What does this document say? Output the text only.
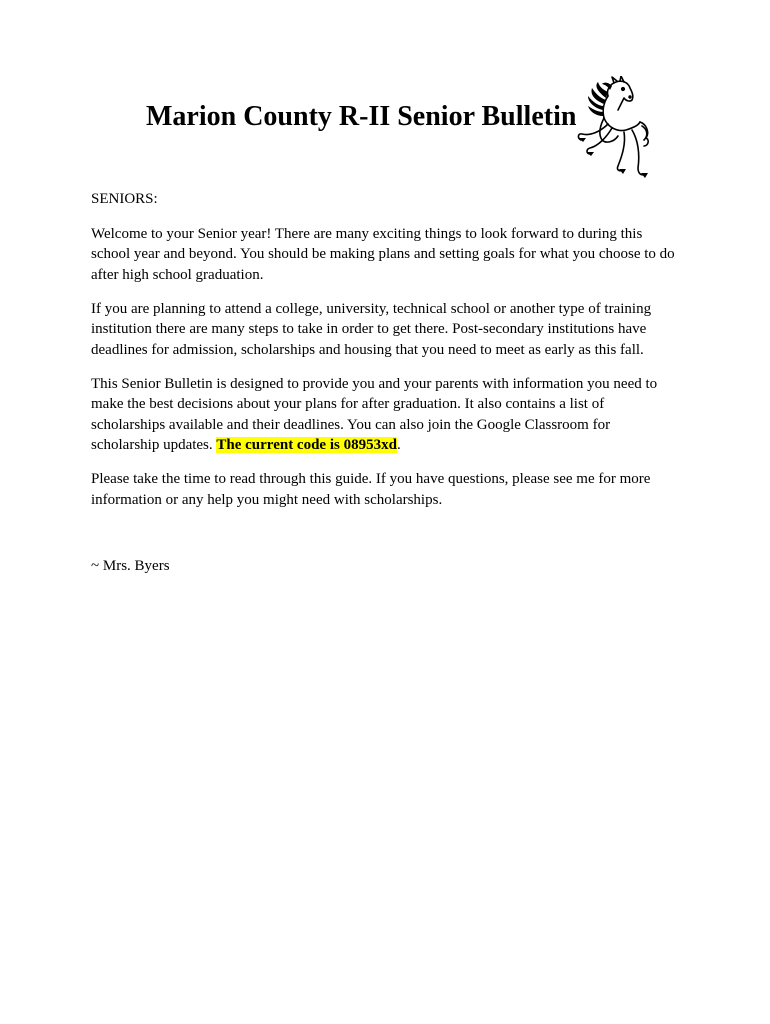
Marion County R-II Senior Bulletin

SENIORS:

Welcome to your Senior year! There are many exciting things to look forward to during this school year and beyond. You should be making plans and setting goals for what you choose to do after high school graduation.

If you are planning to attend a college, university, technical school or another type of training institution there are many steps to take in order to get there. Post-secondary institutions have deadlines for admission, scholarships and housing that you need to meet as early as this fall.

This Senior Bulletin is designed to provide you and your parents with information you need to make the best decisions about your plans for after graduation. It also contains a list of scholarships available and their deadlines. You can also join the Google Classroom for scholarship updates. The current code is 08953xd.

Please take the time to read through this guide. If you have questions, please see me for more information or any help you might need with scholarships.

~ Mrs. Byers
